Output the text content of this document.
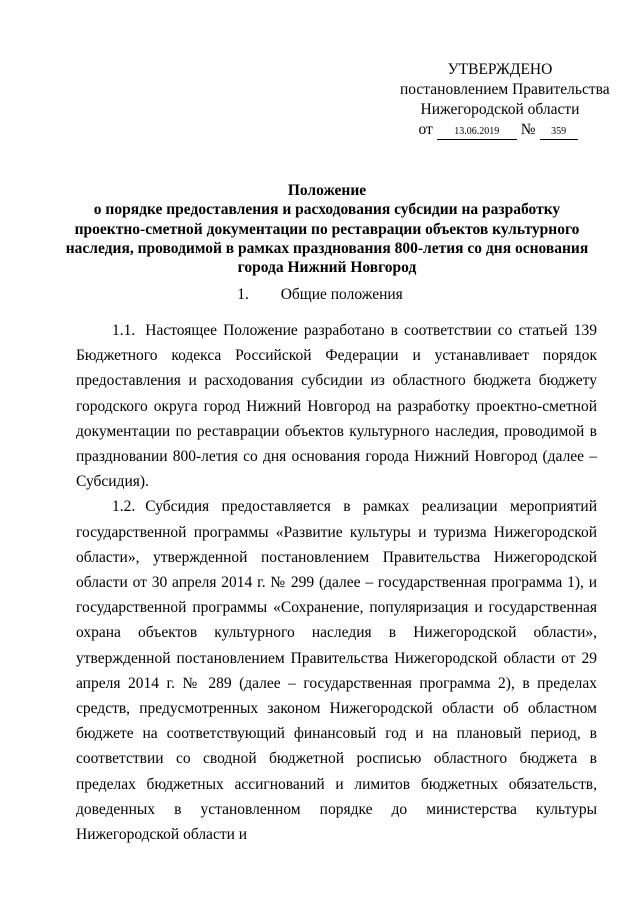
УТВЕРЖДЕНО
постановлением Правительства
Нижегородской области
от	13.06.2019	№	359
Положение
о порядке предоставления и расходования субсидии на разработку
проектно-сметной документации по реставрации объектов культурного
наследия, проводимой в рамках празднования 800-летия со дня основания
города Нижний Новгород
1. Общие положения

1.1. Настоящее Положение разработано в соответствии со статьей 139 Бюджетного кодекса Российской Федерации и устанавливает порядок предоставления и расходования субсидии из областного бюджета бюджету городского округа город Нижний Новгород на разработку проектно-сметной документации по реставрации объектов культурного наследия, проводимой в праздновании 800-летия со дня основания города Нижний Новгород (далее – Субсидия).

1.2. Субсидия предоставляется в рамках реализации мероприятий государственной программы «Развитие культуры и туризма Нижегородской области», утвержденной постановлением Правительства Нижегородской области от 30 апреля 2014 г. № 299 (далее – государственная программа 1), и государственной программы «Сохранение, популяризация и государственная охрана объектов культурного наследия в Нижегородской области», утвержденной постановлением Правительства Нижегородской области от 29 апреля 2014 г. № 289 (далее – государственная программа 2), в пределах средств, предусмотренных законом Нижегородской области об областном бюджете на соответствующий финансовый год и на плановый период, в соответствии со сводной бюджетной росписью областного бюджета в пределах бюджетных ассигнований и лимитов бюджетных обязательств, доведенных в установленном порядке до министерства культуры Нижегородской области и
